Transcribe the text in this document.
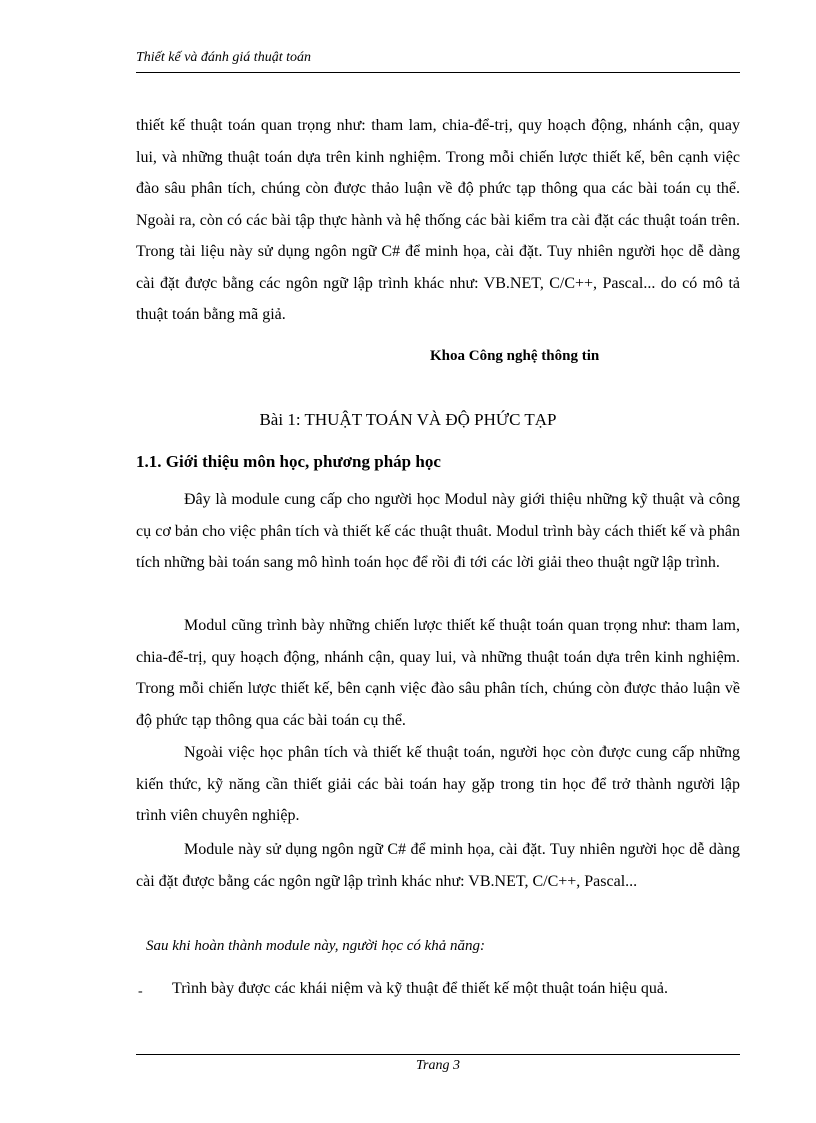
Thiết kế và đánh giá thuật toán

thiết kế thuật toán quan trọng như: tham lam, chia-để-trị, quy hoạch động, nhánh cận, quay lui, và những thuật toán dựa trên kinh nghiệm. Trong mỗi chiến lược thiết kế, bên cạnh việc đào sâu phân tích, chúng còn được thảo luận về độ phức tạp thông qua các bài toán cụ thể. Ngoài ra, còn có các bài tập thực hành và hệ thống các bài kiểm tra cài đặt các thuật toán trên. Trong tài liệu này sử dụng ngôn ngữ C# để minh họa, cài đặt. Tuy nhiên người học dễ dàng cài đặt được bằng các ngôn ngữ lập trình khác như: VB.NET, C/C++, Pascal... do có mô tả thuật toán bằng mã giả.

Khoa Công nghệ thông tin
Bài 1: THUẬT TOÁN VÀ ĐỘ PHỨC TẠP
1.1. Giới thiệu môn học, phương pháp học

Đây là module cung cấp cho người học Modul này giới thiệu những kỹ thuật và công cụ cơ bản cho việc phân tích và thiết kế các thuật thuât. Modul trình bày cách thiết kế và phân tích những bài toán sang mô hình toán học để rồi đi tới các lời giải theo thuật ngữ lập trình.

Modul cũng trình bày những chiến lược thiết kế thuật toán quan trọng như: tham lam, chia-để-trị, quy hoạch động, nhánh cận, quay lui, và những thuật toán dựa trên kinh nghiệm. Trong mỗi chiến lược thiết kế, bên cạnh việc đào sâu phân tích, chúng còn được thảo luận về độ phức tạp thông qua các bài toán cụ thể.

Ngoài việc học phân tích và thiết kế thuật toán, người học còn được cung cấp những kiến thức, kỹ năng cần thiết giải các bài toán hay gặp trong tin học để trở thành người lập trình viên chuyên nghiệp.

Module này sử dụng ngôn ngữ C# để minh họa, cài đặt. Tuy nhiên người học dễ dàng cài đặt được bằng các ngôn ngữ lập trình khác như: VB.NET, C/C++, Pascal...

Sau khi hoàn thành module này, người học có khả năng:
- Trình bày được các khái niệm và kỹ thuật để thiết kế một thuật toán hiệu quả.
Trang 3
